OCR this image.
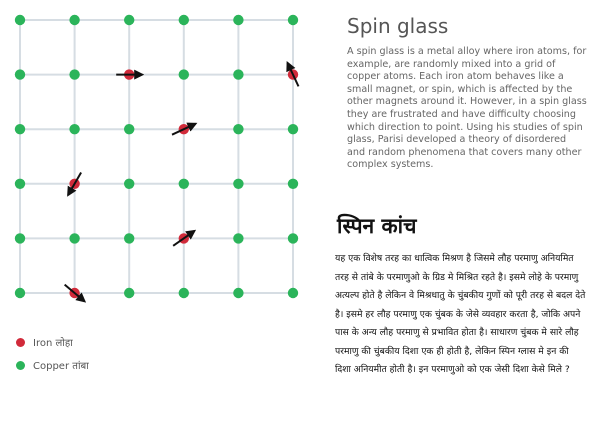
Iron लोहा
Copper तांबा
Spin glass

A spin glass is a metal alloy where iron atoms, for example, are randomly mixed into a grid of copper atoms. Each iron atom behaves like a small magnet, or spin, which is affected by the other magnets around it. However, in a spin glass they are frustrated and have difficulty choosing which direction to point. Using his studies of spin glass, Parisi developed a theory of disordered and random phenomena that covers many other complex systems.

स्पिन कांच

यह एक विशेष तरह का धात्विक मिश्रण है जिसमे लौह परमाणु अनियमित तरह से तांबे के परमाणुओ के ग्रिड मे मिश्रित रहते है। इसमे लोहे के परमाणु अत्यल्प होते है लेकिन वे मिश्रधातु के चुंबकीय गुणों को पूरी तरह से बदल देते है। इसमे हर लौह परमाणु एक चुंबक के जेसे व्यवहार करता है, जोकि अपने पास के अन्य लौह परमाणु से प्रभावित होता है। साधारण चुंबक मे सारे लौह परमाणु की चुंबकीय दिशा एक ही होती है, लेकिन स्पिन ग्लास मे इन की दिशा अनियमीत होती है। इन परमाणुओ को एक जेसी दिशा केसे मिले ?
